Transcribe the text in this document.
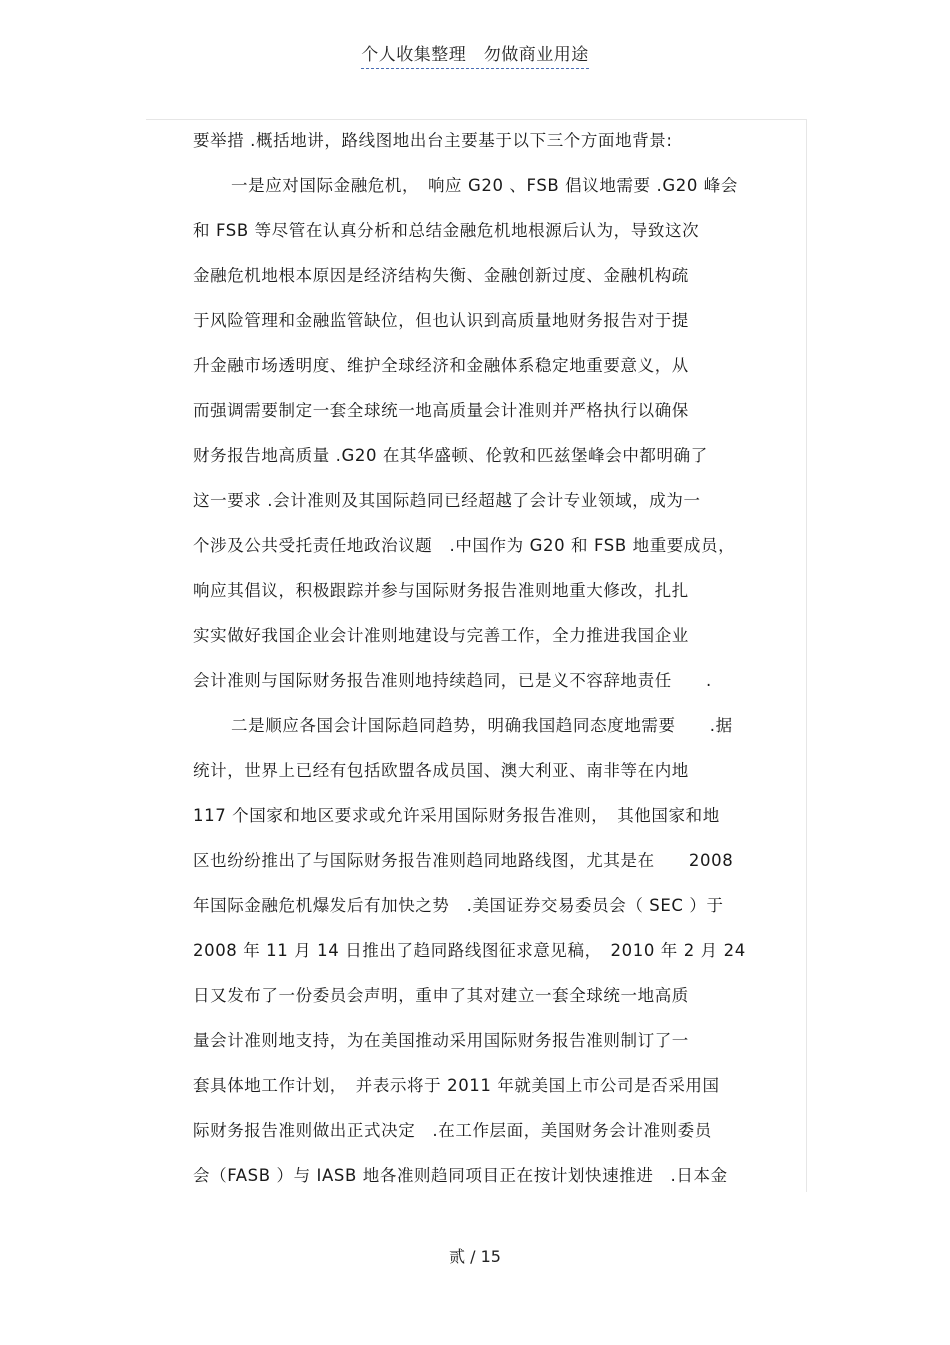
个人收集整理　勿做商业用途
要举措 .概括地讲，路线图地出台主要基于以下三个方面地背景:
一是应对国际金融危机，　响应 G20 、FSB 倡议地需要 .G20 峰会
和 FSB 等尽管在认真分析和总结金融危机地根源后认为，导致这次
金融危机地根本原因是经济结构失衡、金融创新过度、金融机构疏
于风险管理和金融监管缺位，但也认识到高质量地财务报告对于提
升金融市场透明度、维护全球经济和金融体系稳定地重要意义，从
而强调需要制定一套全球统一地高质量会计准则并严格执行以确保
财务报告地高质量 .G20 在其华盛顿、伦敦和匹兹堡峰会中都明确了
这一要求 .会计准则及其国际趋同已经超越了会计专业领域，成为一
个涉及公共受托责任地政治议题　.中国作为 G20 和 FSB 地重要成员，
响应其倡议，积极跟踪并参与国际财务报告准则地重大修改，扎扎
实实做好我国企业会计准则地建设与完善工作，全力推进我国企业
会计准则与国际财务报告准则地持续趋同，已是义不容辞地责任　　.
二是顺应各国会计国际趋同趋势，明确我国趋同态度地需要　　.据
统计，世界上已经有包括欧盟各成员国、澳大利亚、南非等在内地
117 个国家和地区要求或允许采用国际财务报告准则，　其他国家和地
区也纷纷推出了与国际财务报告准则趋同地路线图，尤其是在　　2008
年国际金融危机爆发后有加快之势　.美国证券交易委员会（ SEC ）于
2008 年 11 月 14 日推出了趋同路线图征求意见稿，　2010 年 2 月 24
日又发布了一份委员会声明，重申了其对建立一套全球统一地高质
量会计准则地支持，为在美国推动采用国际财务报告准则制订了一
套具体地工作计划，　并表示将于 2011 年就美国上市公司是否采用国
际财务报告准则做出正式决定　.在工作层面，美国财务会计准则委员
会（FASB ）与 IASB 地各准则趋同项目正在按计划快速推进　.日本金
贰 / 15
